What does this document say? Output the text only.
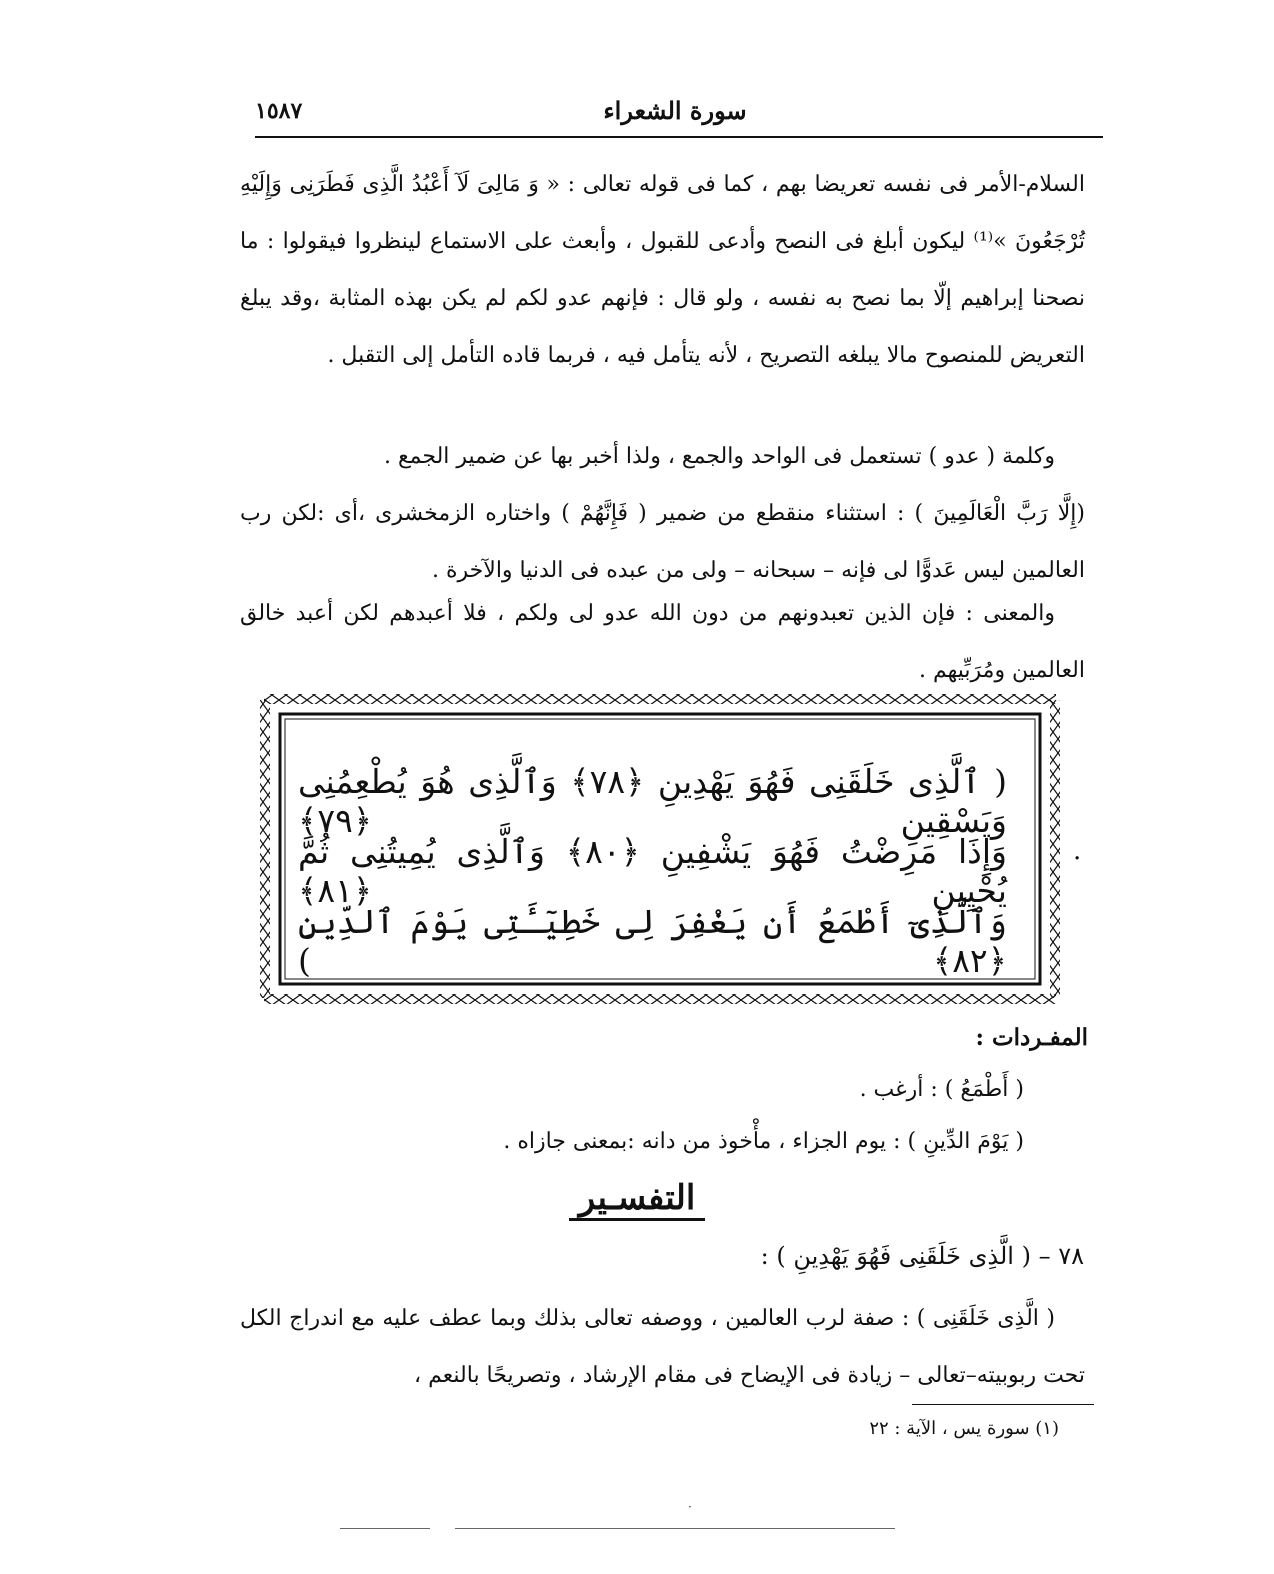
سورة الشعراء
١٥٨٧
السلام-الأمر فى نفسه تعريضا بهم ، كما فى قوله تعالى : « وَ مَالِىَ لَآ أَعْبُدُ الَّذِى فَطَرَنِى وَإِلَيْهِ تُرْجَعُونَ »⁽¹⁾ ليكون أبلغ فى النصح وأدعى للقبول ، وأبعث على الاستماع لينظروا فيقولوا : ما نصحنا إبراهيم إلّا بما نصح به نفسه ، ولو قال : فإنهم عدو لكم لم يكن بهذه المثابة ،وقد يبلغ التعريض للمنصوح مالا يبلغه التصريح ، لأنه يتأمل فيه ، فربما قاده التأمل إلى التقبل .
وكلمة ( عدو ) تستعمل فى الواحد والجمع ، ولذا أخبر بها عن ضمير الجمع .
(إِلَّا رَبَّ الْعَالَمِينَ ) : استثناء منقطع من ضمير ( فَإِنَّهُمْ ) واختاره الزمخشرى ،أى :لكن رب العالمين ليس عَدوًّا لى فإنه – سبحانه – ولى من عبده فى الدنيا والآخرة .
والمعنى : فإن الذين تعبدونهم من دون الله عدو لى ولكم ، فلا أعبدهم لكن أعبد خالق العالمين ومُرَبِّيهم .
( ٱلَّذِى خَلَقَنِى فَهُوَ يَهْدِينِ ﴿٧٨﴾ وَٱلَّذِى هُوَ يُطْعِمُنِى وَيَسْقِينِ ﴿٧٩﴾
وَإِذَا مَرِضْتُ فَهُوَ يَشْفِينِ ﴿٨٠﴾ وَٱلَّذِى يُمِيتُنِى ثُمَّ يُحْيِينِ ﴿٨١﴾
وَٱلَّذِىٓ أَطْمَعُ أَن يَغْفِرَ لِى خَطِيٓـَٔتِى يَوْمَ ٱلدِّينِ ﴿٨٢﴾ )
.
المفـردات :
( أَطْمَعُ ) : أرغب .
( يَوْمَ الدِّينِ ) : يوم الجزاء ، مأْخوذ من دانه :بمعنى جازاه .
التفسـير
٧٨ – ( الَّذِى خَلَقَنِى فَهُوَ يَهْدِينِ ) :
( الَّذِى خَلَقَنِى ) : صفة لرب العالمين ، ووصفه تعالى بذلك وبما عطف عليه مع اندراج الكل تحت ربوبيته–تعالى – زيادة فى الإيضاح فى مقام الإرشاد ، وتصريحًا بالنعم ،
(١) سورة يس ، الآية : ٢٢
·
